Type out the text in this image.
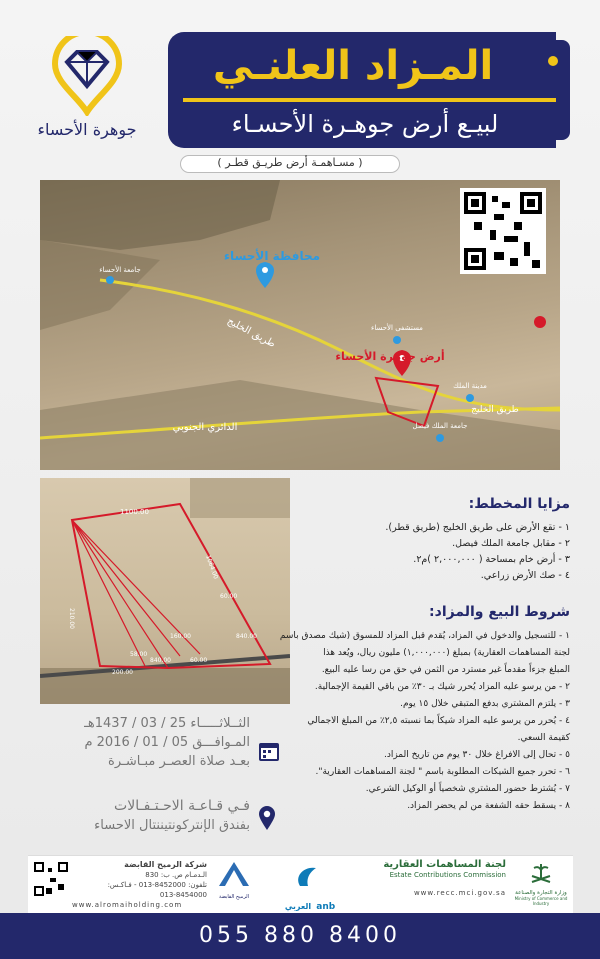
جوهرة الأحساء
المـزاد العلنـي
لبيـع أرض جوهـرة الأحسـاء
( مسـاهمـة أرض طريـق قطـر )
محافظة الأحساء
أرض جوهرة الأحساء
طريق الخليج
طريق الخليج
الدائري الجنوبي
مستشفى الأحساء
مدينة الملك
جامعة الملك فيصل
جامعة الأحساء
1100.00
840.00
1064.00
210.00
840.00	60.00
58.00
160.00
200.00
60.00
مزايا المخطط:
١ - تقع الأرض على طريق الخليج (طريق قطر).
٢ - مقابل جامعة الملك فيصل.
٣ - أرض خام بمساحة ( ٢,٠٠٠,٠٠٠ )م٢.
٤ - صك الأرض زراعي.
شروط البيع والمزاد:
١ - للتسجيل والدخول في المزاد، يُقدم قبل المزاد للمسوق (شيك مصدق باسم
لجنة المساهمات العقارية) بمبلغ (١,٠٠٠,٠٠٠) مليون ريال، ويُعد هذا
المبلغ جزءاً مقدماً غير مسترد من الثمن في حق من رسا عليه البيع.
٢ - من يرسو عليه المزاد يُحرر شيك بـ ٣٠٪ من باقي القيمة الإجمالية.
٣ - يلتزم المشتري بدفع المتبقي خلال ١٥ يوم.
٤ - يُحرر من يرسو عليه المزاد شيكاً بما نسبته ٢,٥٪ من المبلغ الاجمالي
كقيمة السعي.
٥ - تحال إلى الافراغ خلال ٣٠ يوم من تاريخ المزاد.
٦ - تحرر جميع الشيكات المطلوبة باسم " لجنة المساهمات العقارية".
٧ - يُشترط حضور المشتري شخصياً أو الوكيل الشرعي.
٨ - يسقط حقه الشفعة من لم يحضر المزاد.
الثــلاثـــــاء 25 / 03 / 1437هـ
المـوافـــق 05 / 01 / 2016 م
بعـد صلاة العصـر مبـاشـرة
فـي قـاعـة الاحـتـفـالات
بفندق الإنتركونتيننتال الاحساء
شركة الرميح القابضة
الـدمـام ص. ب: 830
تلفون: 8452000-013 - فـاكـس: 8454000-013
www.alromaiholding.com
الرميح القابضة
العربي anb
لجنة المساهمات العقارية
Estate Contributions Commission
www.recc.mci.gov.sa	وزارة التجارة والصناعة
Ministry of Commerce and Industry
055 880 8400
